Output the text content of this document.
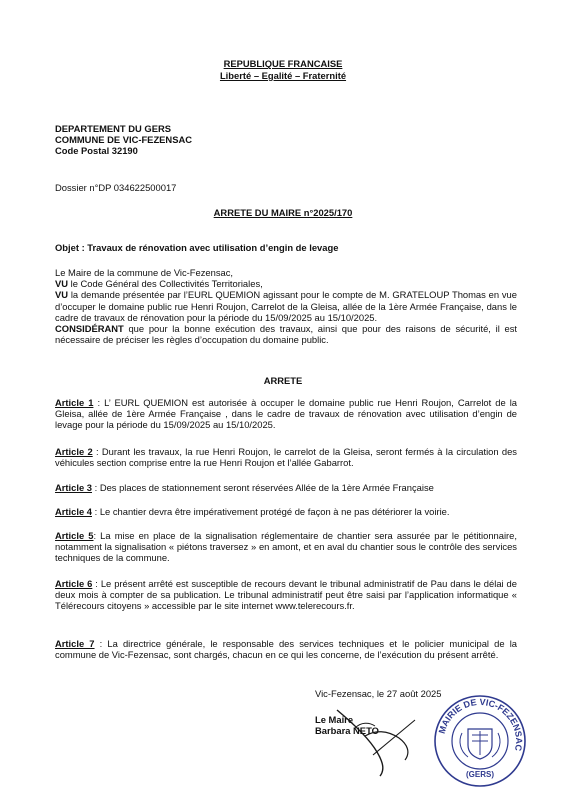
REPUBLIQUE FRANCAISE
Liberté – Egalité – Fraternité
DEPARTEMENT DU GERS
COMMUNE DE VIC-FEZENSAC
Code Postal 32190
Dossier n°DP 034622500017
ARRETE DU MAIRE n°2025/170
Objet : Travaux de rénovation avec utilisation d’engin de levage

Le Maire de la commune de Vic-Fezensac,

VU le Code Général des Collectivités Territoriales,

VU la demande présentée par l’EURL QUEMION agissant pour le compte de M. GRATELOUP Thomas en vue d’occuper le domaine public rue Henri Roujon, Carrelot de la Gleisa, allée de la 1ère Armée Française, dans le cadre de travaux de rénovation pour la période du 15/09/2025 au 15/10/2025.

CONSIDÉRANT que pour la bonne exécution des travaux, ainsi que pour des raisons de sécurité, il est nécessaire de préciser les règles d’occupation du domaine public.

ARRETE
Article 1 : L’ EURL QUEMION est autorisée à occuper le domaine public rue Henri Roujon, Carrelot de la Gleisa, allée de 1ère Armée Française , dans le cadre de travaux de rénovation avec utilisation d’engin de levage pour la période du 15/09/2025 au 15/10/2025.
Article 2 : Durant les travaux, la rue Henri Roujon, le carrelot de la Gleisa, seront fermés à la circulation des véhicules section comprise entre la rue Henri Roujon et l’allée Gabarrot.
Article 3 : Des places de stationnement seront réservées Allée de la 1ère Armée Française
Article 4 : Le chantier devra être impérativement protégé de façon à ne pas détériorer la voirie.
Article 5: La mise en place de la signalisation réglementaire de chantier sera assurée par le pétitionnaire, notamment la signalisation « piétons traversez » en amont, et en aval du chantier sous le contrôle des services techniques de la commune.
Article 6 : Le présent arrêté est susceptible de recours devant le tribunal administratif de Pau dans le délai de deux mois à compter de sa publication. Le tribunal administratif peut être saisi par l’application informatique « Télérecours citoyens » accessible par le site internet www.telerecours.fr.
Article 7 : La directrice générale, le responsable des services techniques et le policier municipal de la commune de Vic-Fezensac, sont chargés, chacun en ce qui les concerne, de l’exécution du présent arrêté.
Vic-Fezensac, le 27 août 2025
Le Maire
Barbara NETO	MAIRIE DE VIC-FEZENSAC
(GERS)
